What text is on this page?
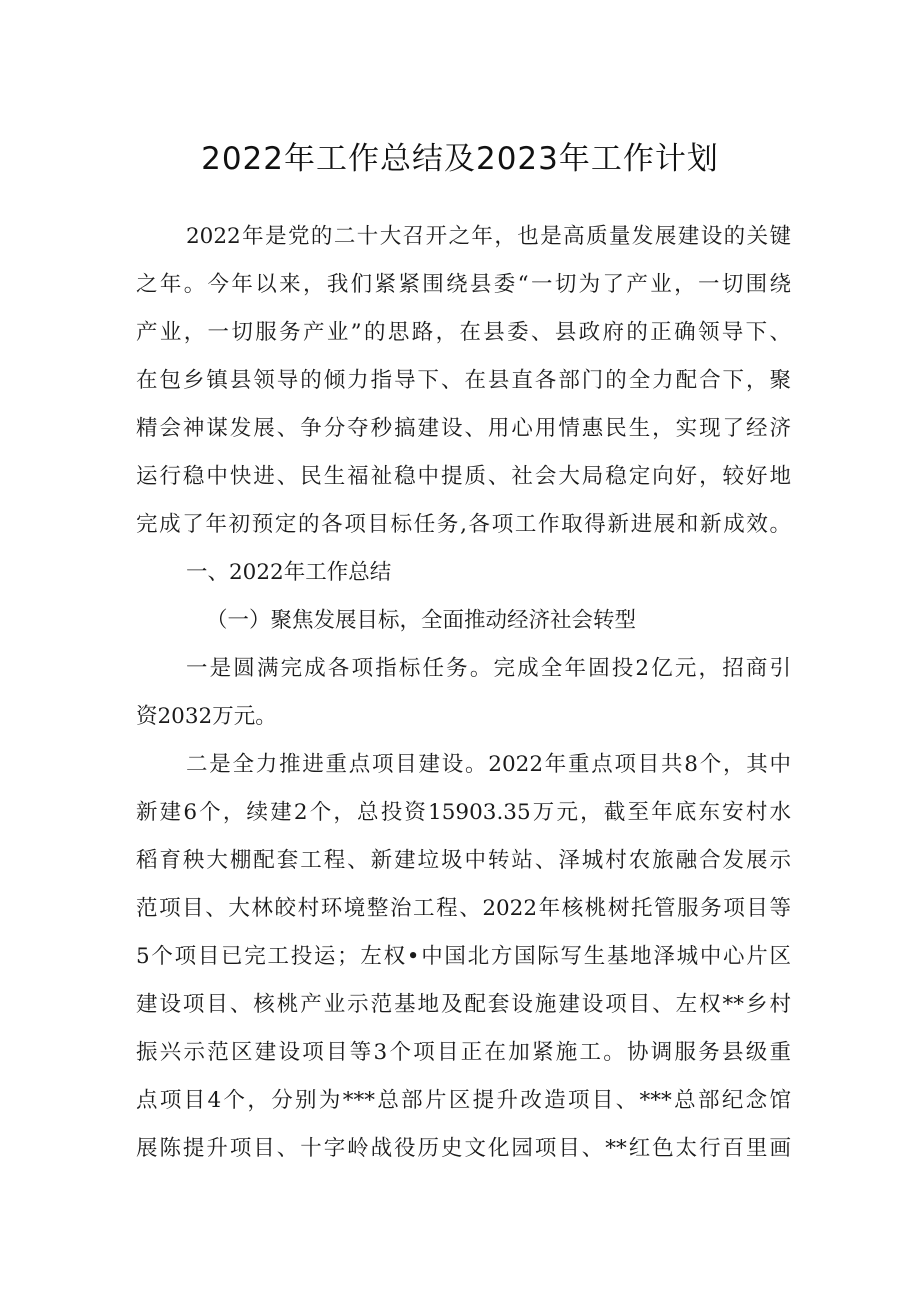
2022年工作总结及2023年工作计划

2022年是党的二十大召开之年，也是高质量发展建设的关键

之年。今年以来，我们紧紧围绕县委“一切为了产业，一切围绕

产业，一切服务产业”的思路，在县委、县政府的正确领导下、

在包乡镇县领导的倾力指导下、在县直各部门的全力配合下，聚

精会神谋发展、争分夺秒搞建设、用心用情惠民生，实现了经济

运行稳中快进、民生福祉稳中提质、社会大局稳定向好，较好地

完成了年初预定的各项目标任务,各项工作取得新进展和新成效。

一、2022年工作总结

（一）聚焦发展目标，全面推动经济社会转型

一是圆满完成各项指标任务。完成全年固投2亿元，招商引

资2032万元。

二是全力推进重点项目建设。2022年重点项目共8个，其中

新建6个，续建2个，总投资15903.35万元，截至年底东安村水

稻育秧大棚配套工程、新建垃圾中转站、泽城村农旅融合发展示

范项目、大林皎村环境整治工程、2022年核桃树托管服务项目等

5个项目已完工投运；左权•中国北方国际写生基地泽城中心片区

建设项目、核桃产业示范基地及配套设施建设项目、左权**乡村

振兴示范区建设项目等3个项目正在加紧施工。协调服务县级重

点项目4个，分别为***总部片区提升改造项目、***总部纪念馆

展陈提升项目、十字岭战役历史文化园项目、**红色太行百里画
